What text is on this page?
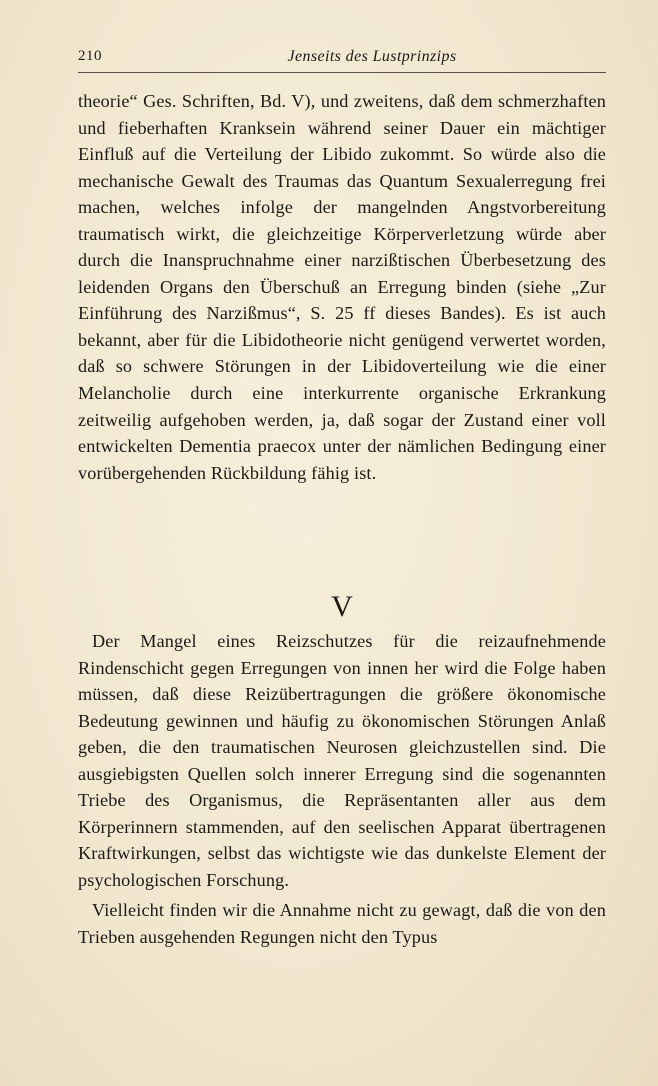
210	Jenseits des Lustprinzips

theorie“ Ges. Schriften, Bd. V), und zweitens, daß dem schmerzhaften und fieberhaften Kranksein während seiner Dauer ein mächtiger Einfluß auf die Verteilung der Libido zukommt. So würde also die mechanische Gewalt des Traumas das Quantum Sexualerregung frei machen, welches infolge der mangelnden Angstvorbereitung traumatisch wirkt, die gleichzeitige Körperverletzung würde aber durch die Inanspruchnahme einer narzißtischen Überbesetzung des leidenden Organs den Überschuß an Erregung binden (siehe „Zur Einführung des Narzißmus“, S. 25 ff dieses Bandes). Es ist auch bekannt, aber für die Libidotheorie nicht genügend verwertet worden, daß so schwere Störungen in der Libidoverteilung wie die einer Melancholie durch eine interkurrente organische Erkrankung zeitweilig aufgehoben werden, ja, daß sogar der Zustand einer voll entwickelten Dementia praecox unter der nämlichen Bedingung einer vorübergehenden Rückbildung fähig ist.

V

Der Mangel eines Reizschutzes für die reizaufnehmende Rindenschicht gegen Erregungen von innen her wird die Folge haben müssen, daß diese Reizübertragungen die größere ökonomische Bedeutung gewinnen und häufig zu ökonomischen Störungen Anlaß geben, die den traumatischen Neurosen gleichzustellen sind. Die ausgiebigsten Quellen solch innerer Erregung sind die sogenannten Triebe des Organismus, die Repräsentanten aller aus dem Körperinnern stammenden, auf den seelischen Apparat übertragenen Kraftwirkungen, selbst das wichtigste wie das dunkelste Element der psychologischen Forschung.

Vielleicht finden wir die Annahme nicht zu gewagt, daß die von den Trieben ausgehenden Regungen nicht den Typus
